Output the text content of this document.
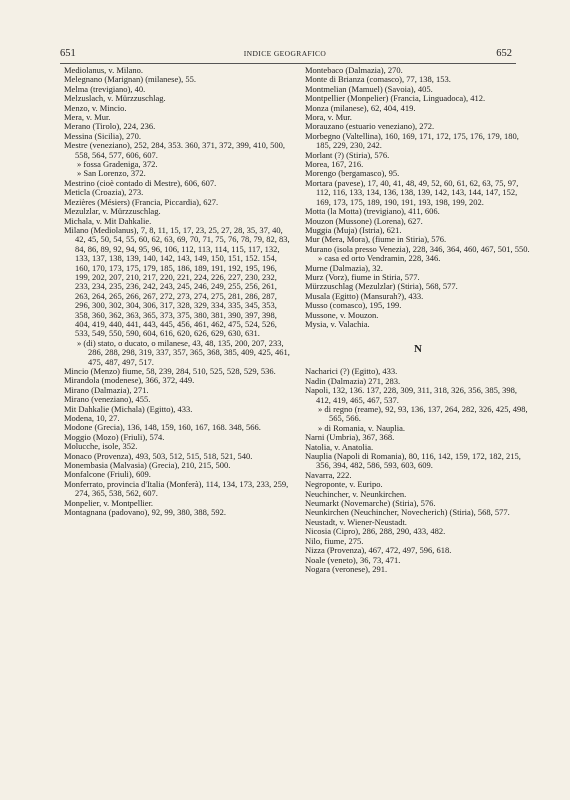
651	INDICE GEOGRAFICO	652
Mediolanus, v. Milano.
Melegnano (Marignan) (milanese), 55.
Melma (trevigiano), 40.
Melzuslach, v. Mürzzuschlag.
Menzo, v. Mincio.
Mera, v. Mur.
Merano (Tirolo), 224, 236.
Messina (Sicilia), 270.
Mestre (veneziano), 252, 284, 353. 360, 371, 372, 399, 410, 500, 558, 564, 577, 606, 607.
» fossa Gradeniga, 372.
» San Lorenzo, 372.
Mestrino (cioè contado di Mestre), 606, 607.
Meticla (Croazia), 273.
Mezières (Mésiers) (Francia, Piccardia), 627.
Mezulzlar, v. Mürzzuschlag.
Michala, v. Mit Dahkalie.
Milano (Mediolanus), 7, 8, 11, 15, 17, 23, 25, 27, 28, 35, 37, 40, 42, 45, 50, 54, 55, 60, 62, 63, 69, 70, 71, 75, 76, 78, 79, 82, 83, 84, 86, 89, 92, 94, 95, 96, 106, 112, 113, 114, 115, 117, 132, 133, 137, 138, 139, 140, 142, 143, 149, 150, 151, 152. 154, 160, 170, 173, 175, 179, 185, 186, 189, 191, 192, 195, 196, 199, 202, 207, 210, 217, 220, 221, 224, 226, 227, 230, 232, 233, 234, 235, 236, 242, 243, 245, 246, 249, 255, 256, 261, 263, 264, 265, 266, 267, 272, 273, 274, 275, 281, 286, 287, 296, 300, 302, 304, 306, 317, 328, 329, 334, 335, 345, 353, 358, 360, 362, 363, 365, 373, 375, 380, 381, 390, 397, 398, 404, 419, 440, 441, 443, 445, 456, 461, 462, 475, 524, 526, 533, 549, 550, 590, 604, 616, 620, 626, 629, 630, 631.
» (di) stato, o ducato, o milanese, 43, 48, 135, 200, 207, 233, 286, 288, 298, 319, 337, 357, 365, 368, 385, 409, 425, 461, 475, 487, 497, 517.
Mincio (Menzo) fiume, 58, 239, 284, 510, 525, 528, 529, 536.
Mirandola (modenese), 366, 372, 449.
Mirano (Dalmazia), 271.
Mirano (veneziano), 455.
Mit Dahkalie (Michala) (Egitto), 433.
Modena, 10, 27.
Modone (Grecia), 136, 148, 159, 160, 167, 168. 348, 566.
Moggio (Mozo) (Friuli), 574.
Molucche, isole, 352.
Monaco (Provenza), 493, 503, 512, 515, 518, 521, 540.
Monembasia (Malvasia) (Grecia), 210, 215, 500.
Monfalcone (Friuli), 609.
Monferrato, provincia d'Italia (Monferà), 114, 134, 173, 233, 259, 274, 365, 538, 562, 607.
Monpelier, v. Montpellier.
Montagnana (padovano), 92, 99, 380, 388, 592.
Montebaco (Dalmazia), 270.
Monte di Brianza (comasco), 77, 138, 153.
Montmelian (Mamuel) (Savoia), 405.
Montpellier (Monpelier) (Francia, Linguadoca), 412.
Monza (milanese), 62, 404, 419.
Mora, v. Mur.
Morauzano (estuario veneziano), 272.
Morbegno (Valtellina), 160, 169, 171, 172, 175, 176, 179, 180, 185, 229, 230, 242.
Morlant (?) (Stiria), 576.
Morea, 167, 216.
Morengo (bergamasco), 95.
Mortara (pavese), 17, 40, 41, 48, 49, 52, 60, 61, 62, 63, 75, 97, 112, 116, 133, 134, 136, 138, 139, 142, 143, 144, 147, 152, 169, 173, 175, 189, 190, 191, 193, 198, 199, 202.
Motta (la Motta) (trevigiano), 411, 606.
Mouzon (Mussone) (Lorena), 627.
Muggia (Muja) (Istria), 621.
Mur (Mera, Mora), (fiume in Stiria), 576.
Murano (isola presso Venezia), 228, 346, 364, 460, 467, 501, 550.
» casa ed orto Vendramin, 228, 346.
Murne (Dalmazia), 32.
Murz (Vorz), fiume in Stiria, 577.
Mürzzuschlag (Mezulzlar) (Stiria), 568, 577.
Musala (Egitto) (Mansurah?), 433.
Musso (comasco), 195, 199.
Mussone, v. Mouzon.
Mysia, v. Valachia.
N
Nacharici (?) (Egitto), 433.
Nadin (Dalmazia) 271, 283.
Napoli, 132, 136. 137, 228, 309, 311, 318, 326, 356, 385, 398, 412, 419, 465, 467, 537.
» di regno (reame), 92, 93, 136, 137, 264, 282, 326, 425, 498, 565, 566.
» di Romania, v. Nauplia.
Narni (Umbria), 367, 368.
Natolia, v. Anatolia.
Nauplia (Napoli di Romania), 80, 116, 142, 159, 172, 182, 215, 356, 394, 482, 586, 593, 603, 609.
Navarra, 222.
Negroponte, v. Euripo.
Neuchincher, v. Neunkirchen.
Neumarkt (Novemarche) (Stiria), 576.
Neunkirchen (Neuchincher, Novecherich) (Stiria), 568, 577.
Neustadt, v. Wiener-Neustadt.
Nicosia (Cipro), 286, 288, 290, 433, 482.
Nilo, fiume, 275.
Nizza (Provenza), 467, 472, 497, 596, 618.
Noale (veneto), 36, 73, 471.
Nogara (veronese), 291.
